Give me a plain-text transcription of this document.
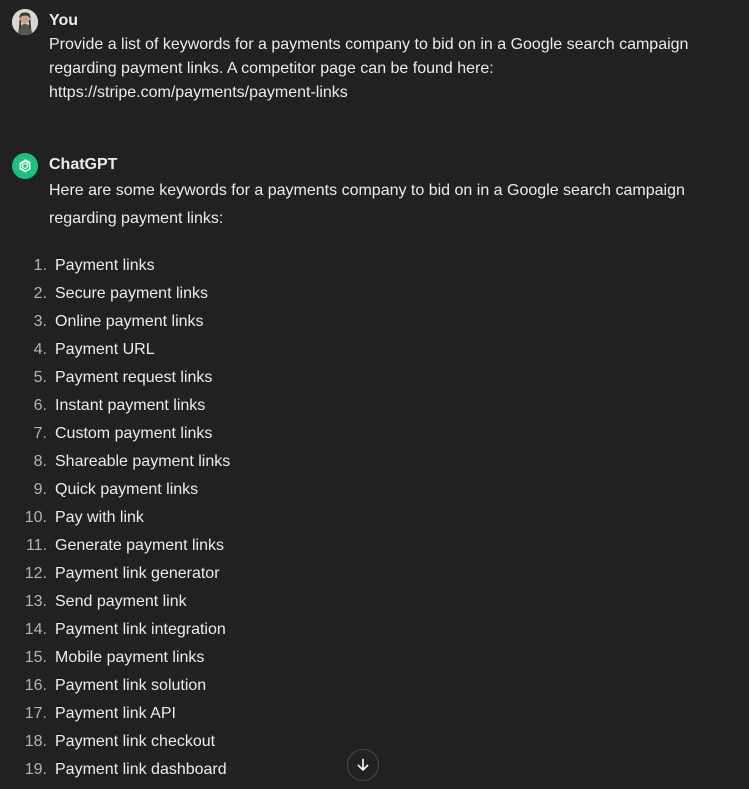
You
Provide a list of keywords for a payments company to bid on in a Google search campaign
regarding payment links. A competitor page can be found here:
https://stripe.com/payments/payment-links
ChatGPT
Here are some keywords for a payments company to bid on in a Google search campaign
regarding payment links:
1. Payment links
2. Secure payment links
3. Online payment links
4. Payment URL
5. Payment request links
6. Instant payment links
7. Custom payment links
8. Shareable payment links
9. Quick payment links
10. Pay with link
11. Generate payment links
12. Payment link generator
13. Send payment link
14. Payment link integration
15. Mobile payment links
16. Payment link solution
17. Payment link API
18. Payment link checkout
19. Payment link dashboard
